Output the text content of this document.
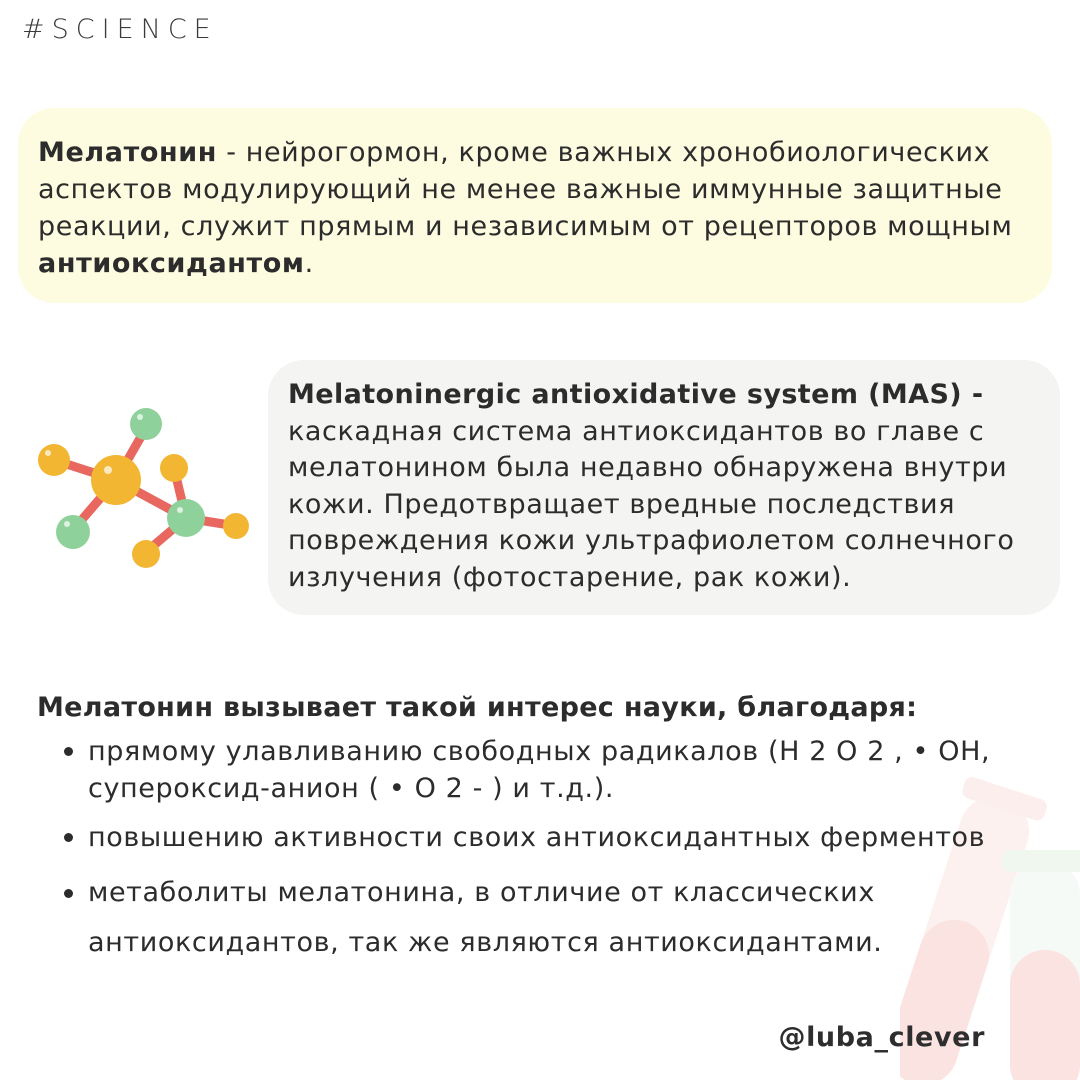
#SCIENCE
Мелатонин - нейрогормон, кроме важных хронобиологических аспектов модулирующий не менее важные иммунные защитные реакции, служит прямым и независимым от рецепторов мощным антиоксидантом.
Melatoninergic antioxidative system (MAS) -
каскадная система антиоксидантов во главе с мелатонином была недавно обнаружена внутри кожи. Предотвращает вредные последствия повреждения кожи ультрафиолетом солнечного излучения (фотостарение, рак кожи).
Мелатонин вызывает такой интерес науки, благодаря:
прямому улавливанию свободных радикалов (Н 2 О 2 , • ОН, супероксид-анион ( • О 2 - ) и т.д.).
повышению активности своих антиоксидантных ферментов
метаболиты мелатонина, в отличие от классических антиоксидантов, так же являются антиоксидантами.
@luba_clever
